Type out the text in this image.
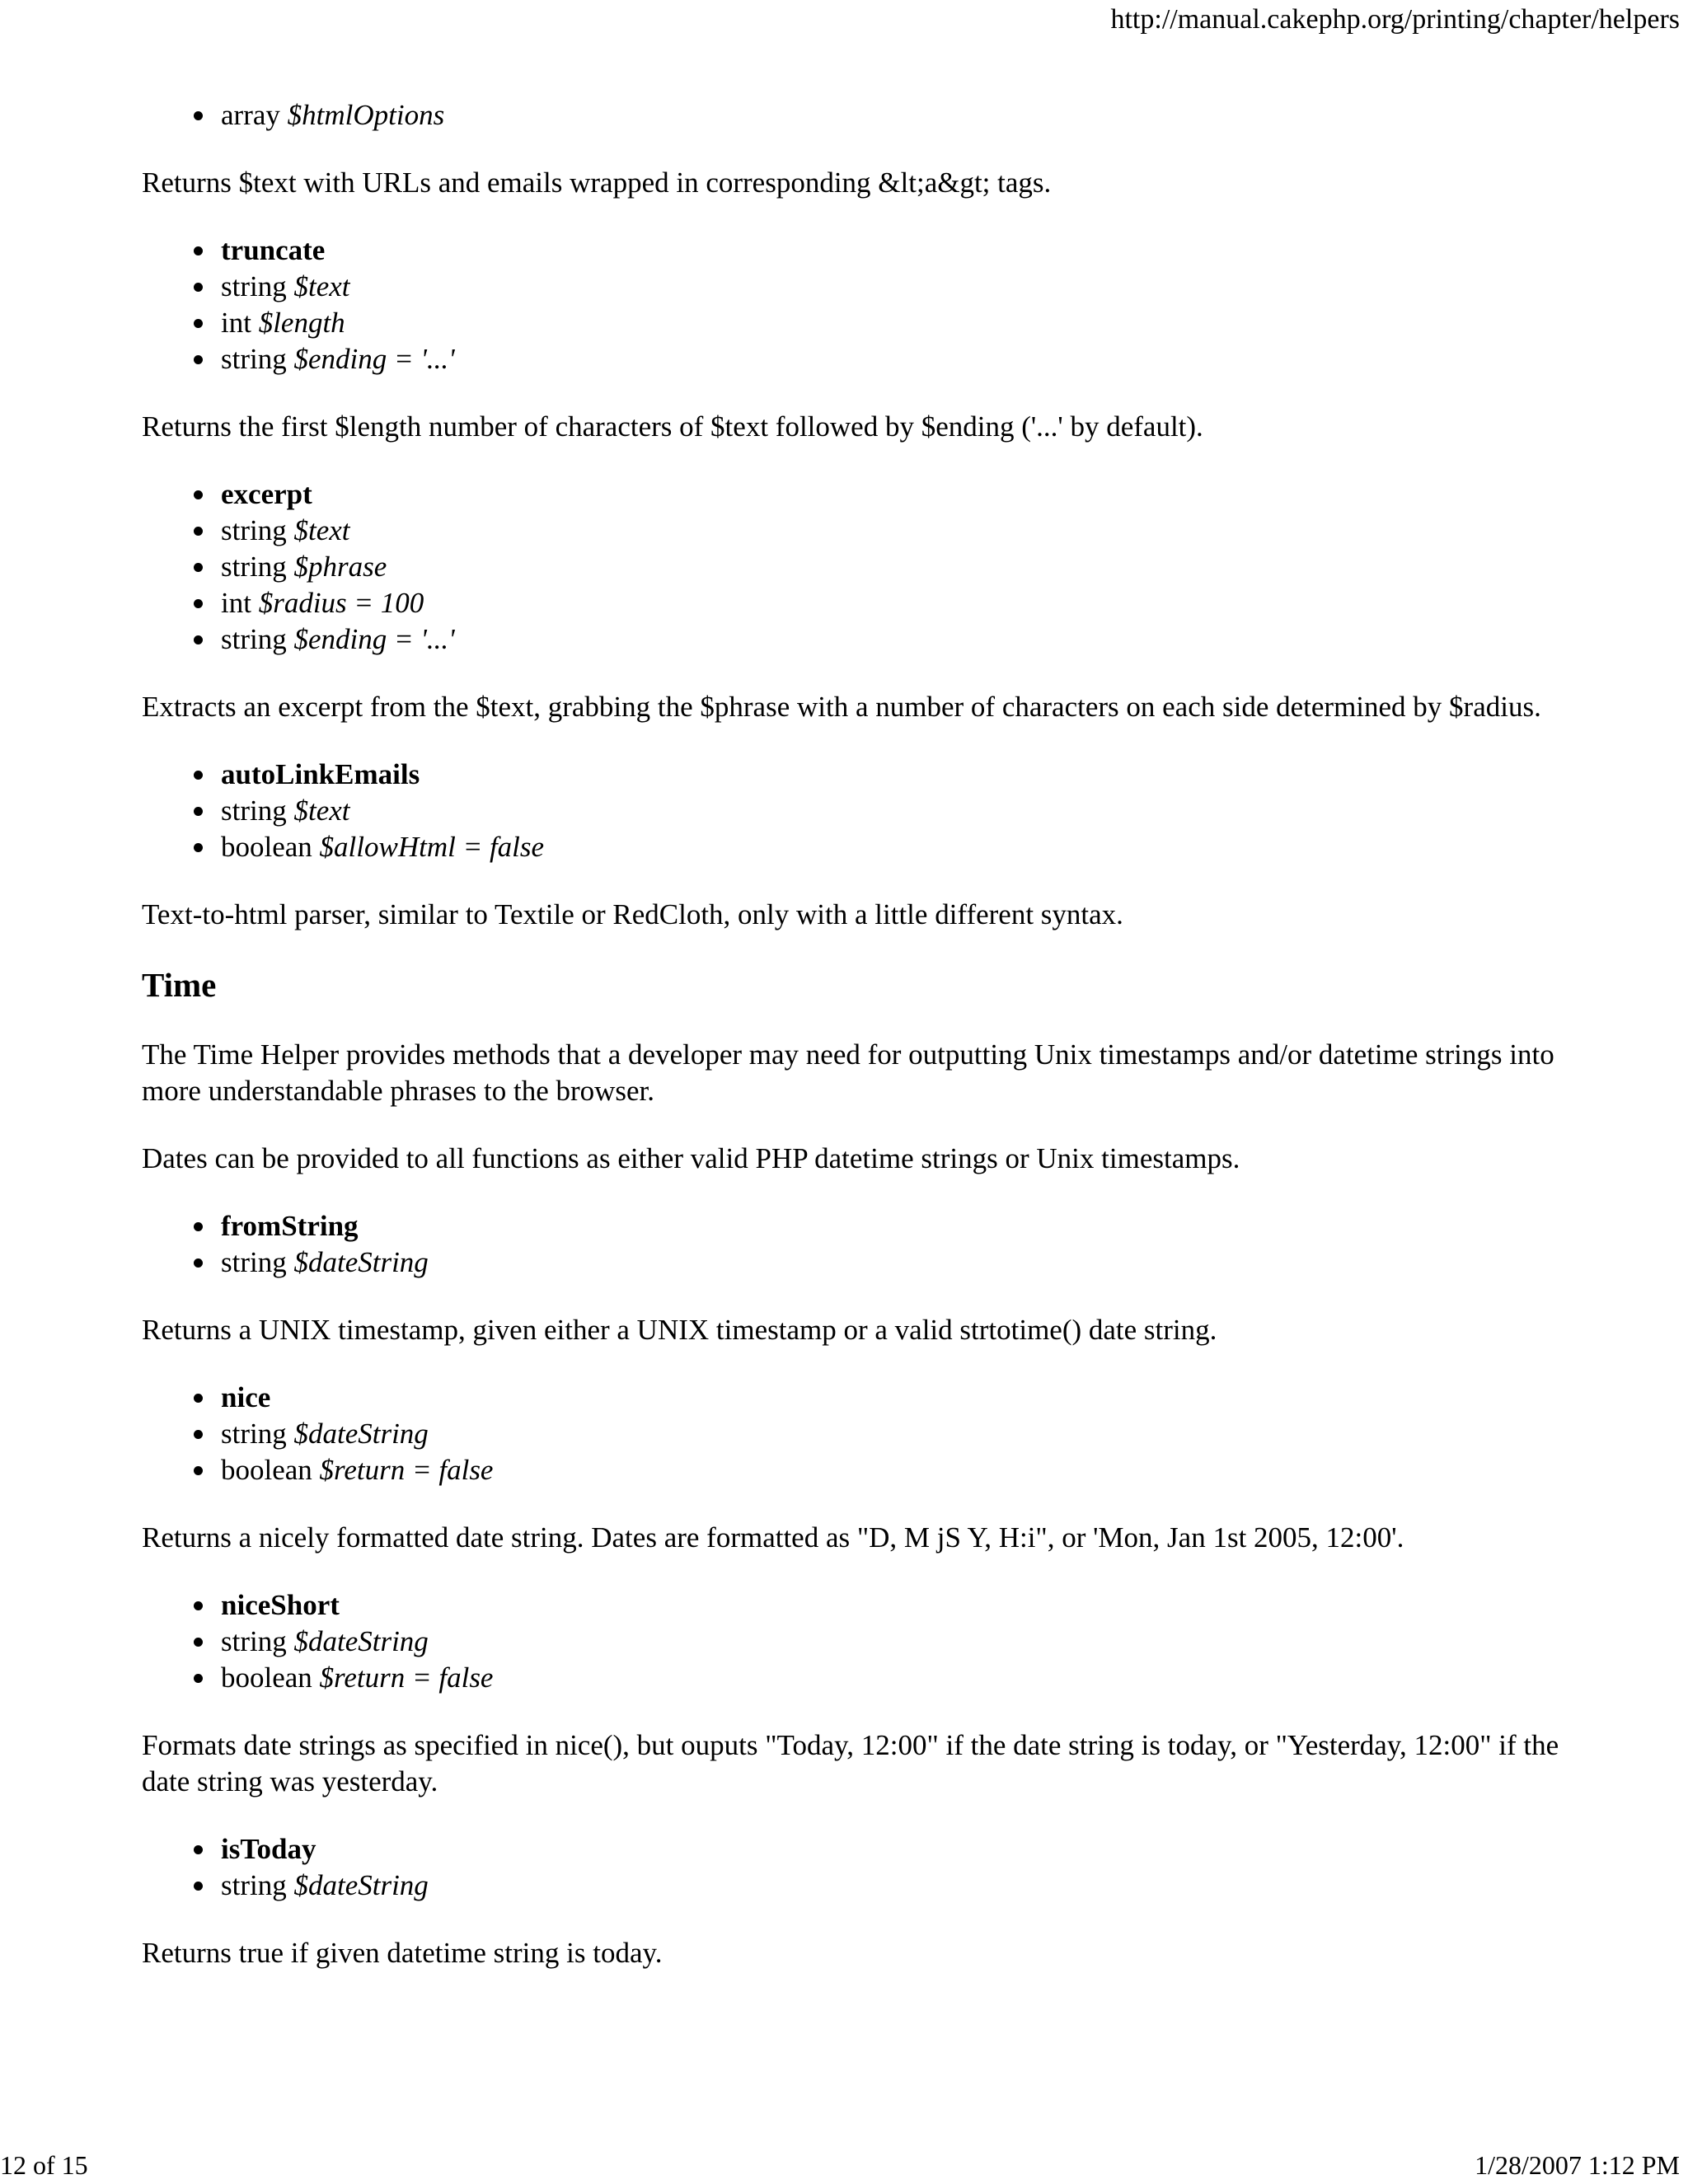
http://manual.cakephp.org/printing/chapter/helpers
array $htmlOptions

Returns $text with URLs and emails wrapped in corresponding &lt;a&gt; tags.

truncate
string $text
int $length
string $ending = '...'

Returns the first $length number of characters of $text followed by $ending ('...' by default).

excerpt
string $text
string $phrase
int $radius = 100
string $ending = '...'

Extracts an excerpt from the $text, grabbing the $phrase with a number of characters on each side determined by $radius.

autoLinkEmails
string $text
boolean $allowHtml = false

Text-to-html parser, similar to Textile or RedCloth, only with a little different syntax.

Time

The Time Helper provides methods that a developer may need for outputting Unix timestamps and/or datetime strings into more understandable phrases to the browser.

Dates can be provided to all functions as either valid PHP datetime strings or Unix timestamps.

fromString
string $dateString

Returns a UNIX timestamp, given either a UNIX timestamp or a valid strtotime() date string.

nice
string $dateString
boolean $return = false

Returns a nicely formatted date string. Dates are formatted as "D, M jS Y, H:i", or 'Mon, Jan 1st 2005, 12:00'.

niceShort
string $dateString
boolean $return = false

Formats date strings as specified in nice(), but ouputs "Today, 12:00" if the date string is today, or "Yesterday, 12:00" if the date string was yesterday.

isToday
string $dateString

Returns true if given datetime string is today.

12 of 15	1/28/2007 1:12 PM
